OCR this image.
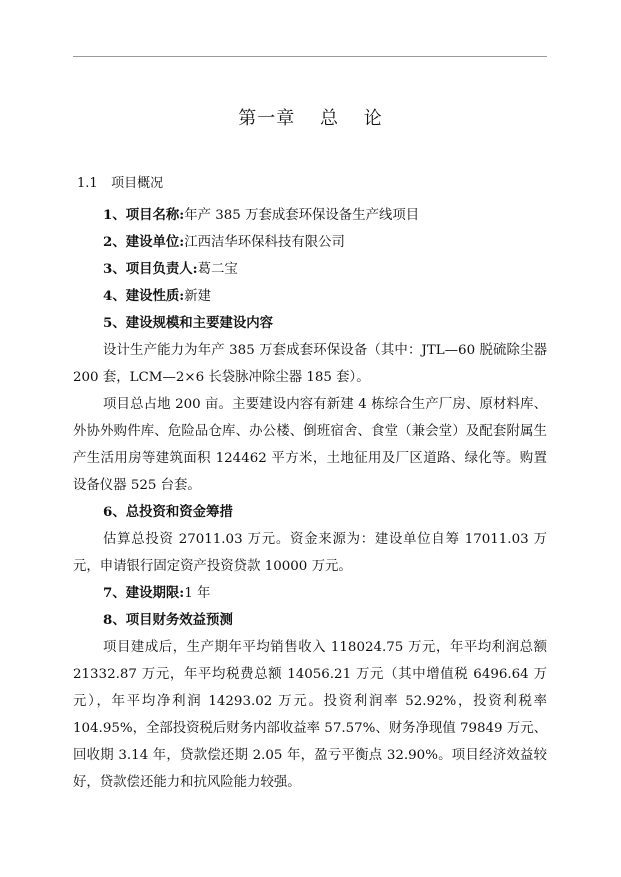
第一章 总 论
1.1 项目概况
1、项目名称:年产 385 万套成套环保设备生产线项目
2、建设单位:江西洁华环保科技有限公司
3、项目负责人:葛二宝
4、建设性质:新建
5、建设规模和主要建设内容
设计生产能力为年产 385 万套成套环保设备（其中：JTL—60 脱硫除尘器 200 套，LCM—2×6 长袋脉冲除尘器 185 套）。
项目总占地 200 亩。主要建设内容有新建 4 栋综合生产厂房、原材料库、外协外购件库、危险品仓库、办公楼、倒班宿舍、食堂（兼会堂）及配套附属生产生活用房等建筑面积 124462 平方米，土地征用及厂区道路、绿化等。购置设备仪器 525 台套。
6、总投资和资金筹措
估算总投资 27011.03 万元。资金来源为：建设单位自筹 17011.03 万元，申请银行固定资产投资贷款 10000 万元。
7、建设期限:1 年
8、项目财务效益预测
项目建成后，生产期年平均销售收入 118024.75 万元，年平均利润总额 21332.87 万元，年平均税费总额 14056.21 万元（其中增值税 6496.64 万元），年平均净利润 14293.02 万元。投资利润率 52.92%，投资利税率 104.95%，全部投资税后财务内部收益率 57.57%、财务净现值 79849 万元、回收期 3.14 年，贷款偿还期 2.05 年，盈亏平衡点 32.90%。项目经济效益较好，贷款偿还能力和抗风险能力较强。
